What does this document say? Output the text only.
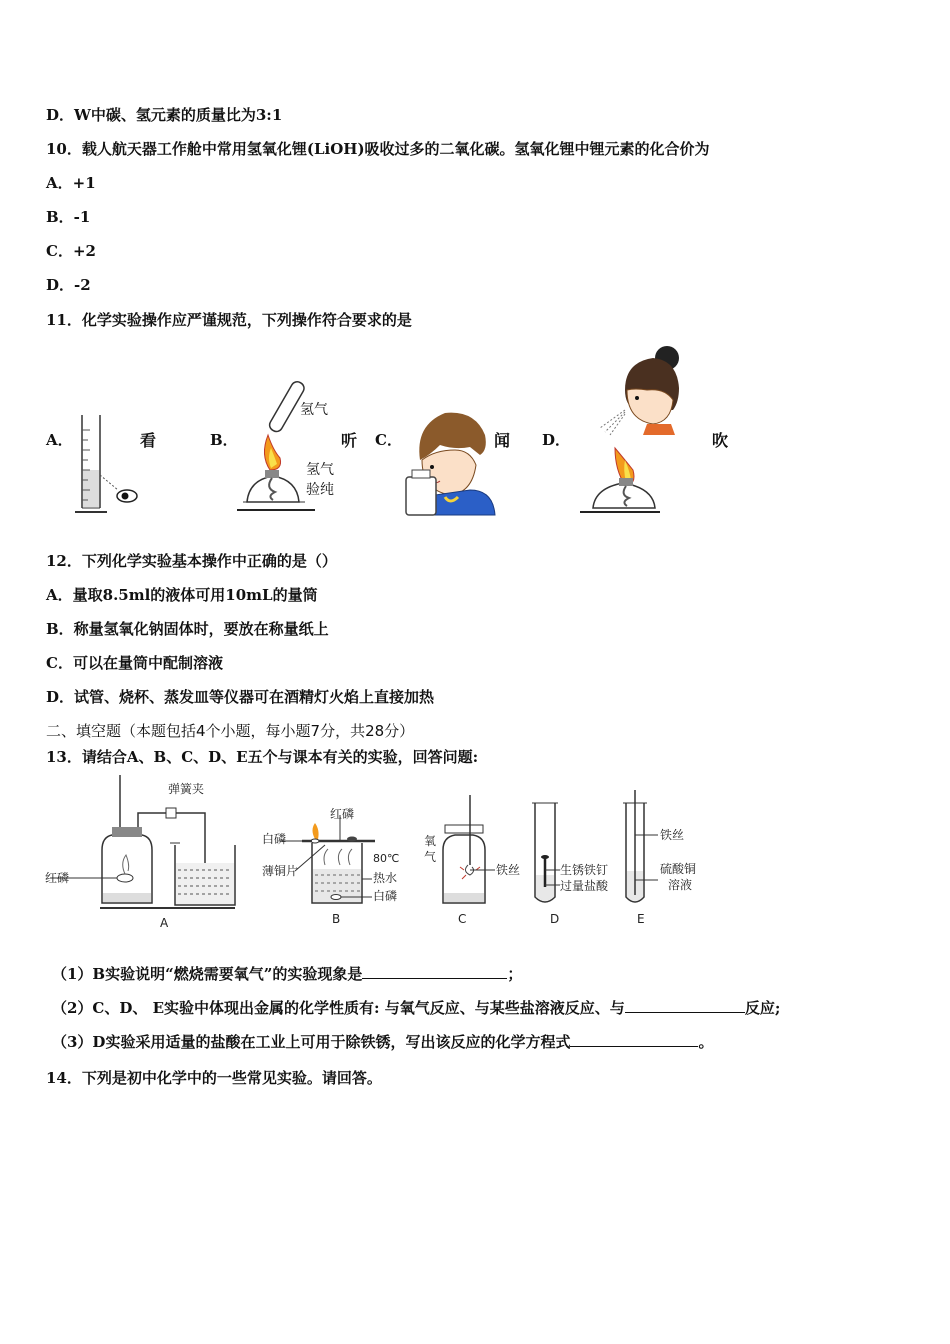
D．W中碳、氢元素的质量比为3:1
10．载人航天器工作舱中常用氢氧化锂(LiOH)吸收过多的二氧化碳。氢氧化锂中锂元素的化合价为
A．+1
B．-1
C．+2
D．-2
11．化学实验操作应严谨规范，下列操作符合要求的是
A．	看	B．	听 C．	闻 D．	吹
氢气
氢气
验纯
12．下列化学实验基本操作中正确的是（）
A．量取8.5ml的液体可用10mL的量筒
B．称量氢氧化钠固体时，要放在称量纸上
C．可以在量筒中配制溶液
D．试管、烧杯、蒸发皿等仪器可在酒精灯火焰上直接加热
二、填空题（本题包括4个小题，每小题7分，共28分）
13．请结合A、B、C、D、E五个与课本有关的实验，回答问题:
弹簧夹
红磷
A
白磷
红磷
薄铜片
80℃
热水
白磷
B
氧
气
铁丝
C
生锈铁钉
过量盐酸
D
铁丝
硫酸铜
溶液
E
（1）B实验说明“燃烧需要氧气”的实验现象是	；
（2）C、D、 E实验中体现出金属的化学性质有: 与氧气反应、与某些盐溶液反应、与	反应;
（3）D实验采用适量的盐酸在工业上可用于除铁锈，写出该反应的化学方程式	。
14．下列是初中化学中的一些常见实验。请回答。
